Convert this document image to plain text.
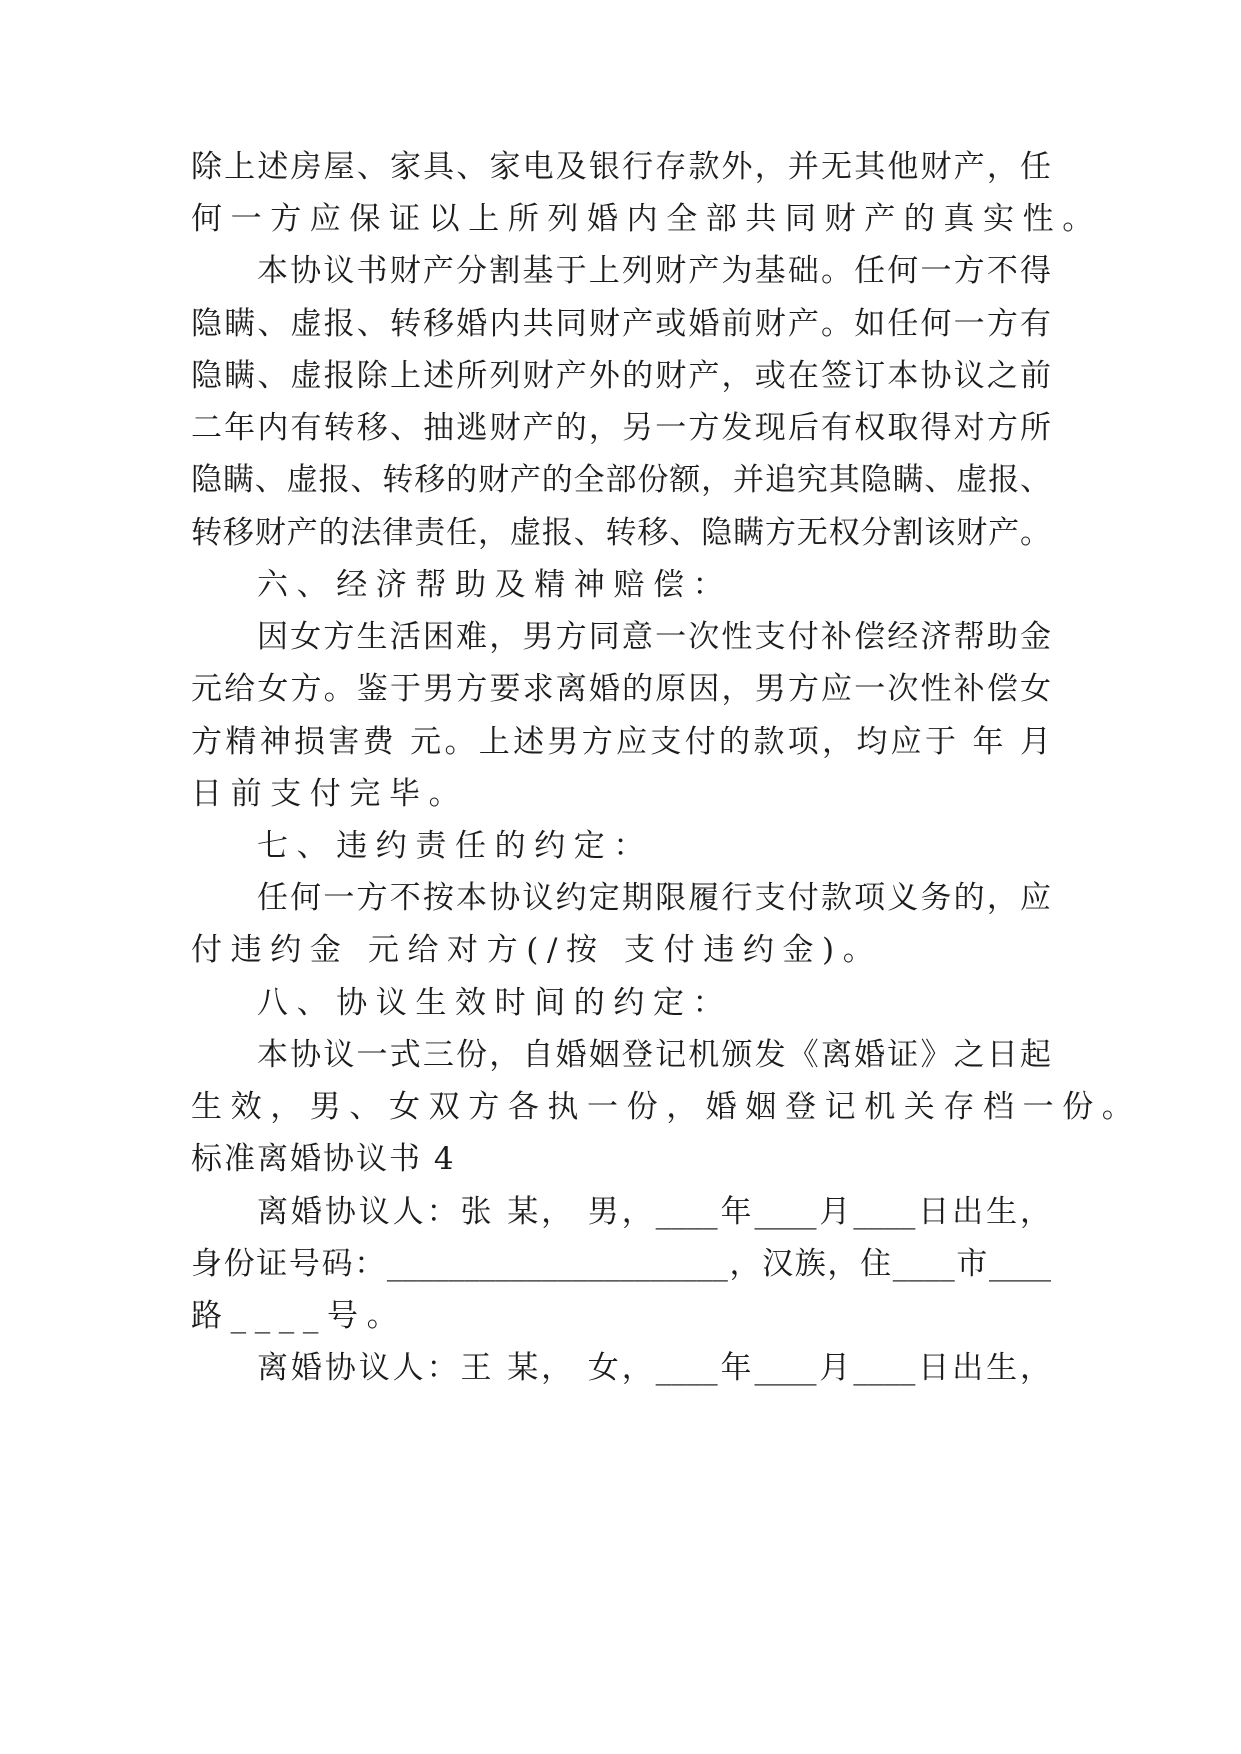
除上述房屋、家具、家电及银行存款外，并无其他财产，任
何一方应保证以上所列婚内全部共同财产的真实性。
本协议书财产分割基于上列财产为基础。任何一方不得
隐瞒、虚报、转移婚内共同财产或婚前财产。如任何一方有
隐瞒、虚报除上述所列财产外的财产，或在签订本协议之前
二年内有转移、抽逃财产的，另一方发现后有权取得对方所
隐瞒、虚报、转移的财产的全部份额，并追究其隐瞒、虚报、
转移财产的法律责任，虚报、转移、隐瞒方无权分割该财产。
六、经济帮助及精神赔偿：
因女方生活困难，男方同意一次性支付补偿经济帮助金
元给女方。鉴于男方要求离婚的原因，男方应一次性补偿女
方精神损害费 元。上述男方应支付的款项，均应于 年 月
日前支付完毕。
七、违约责任的约定：
任何一方不按本协议约定期限履行支付款项义务的，应
付违约金 元给对方(/按 支付违约金)。
八、协议生效时间的约定：
本协议一式三份，自婚姻登记机颁发《离婚证》之日起
生效，男、女双方各执一份，婚姻登记机关存档一份。
标准离婚协议书 4
离婚协议人：张 某， 男，____年____月____日出生，
身份证号码：______________________，汉族，住____市____
路____号。
离婚协议人：王 某， 女，____年____月____日出生，
